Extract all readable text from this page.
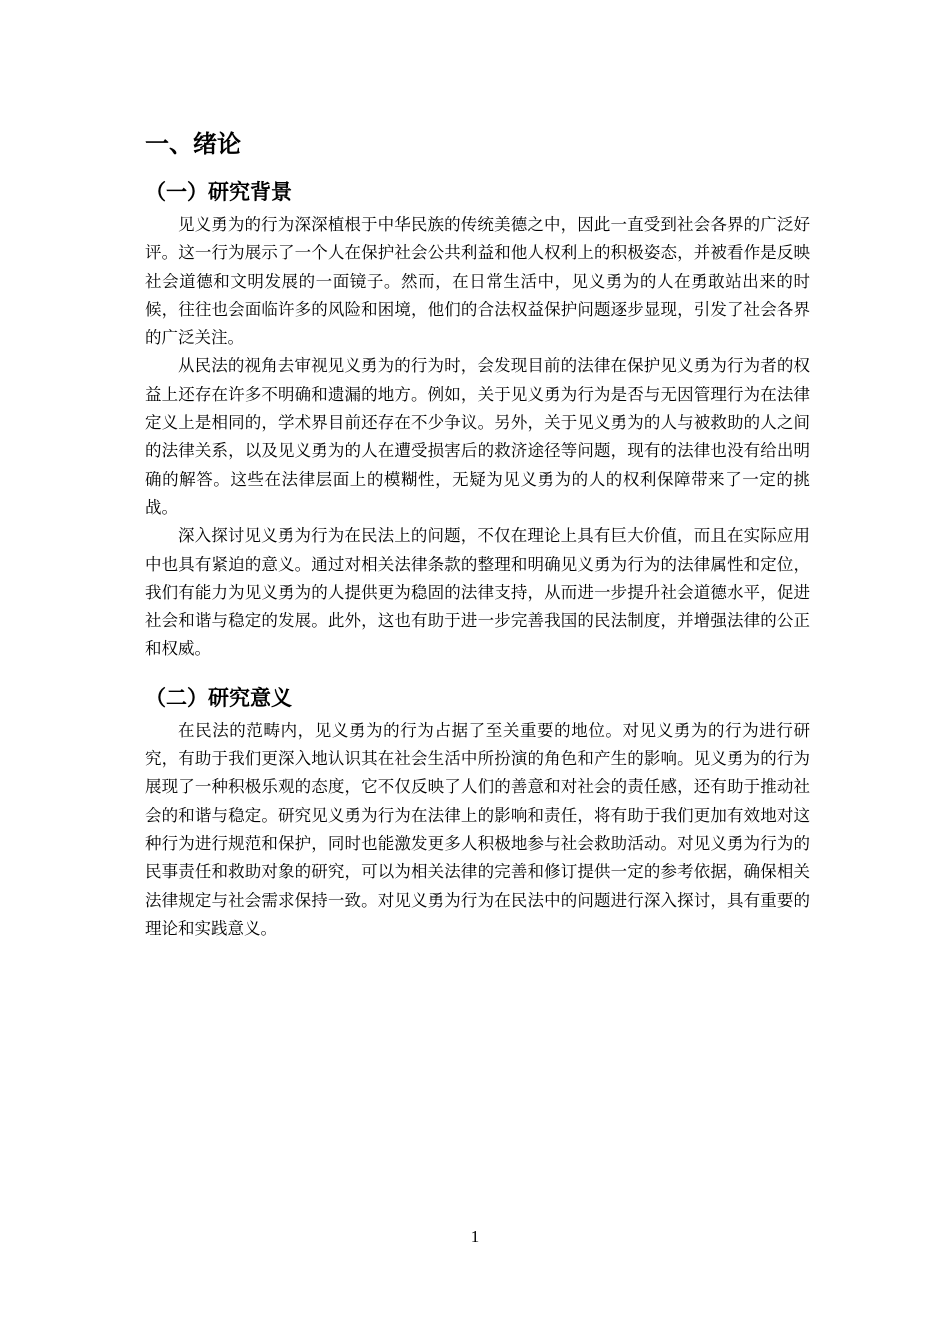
一、绪论
（一）研究背景

见义勇为的行为深深植根于中华民族的传统美德之中，因此一直受到社会各界的广泛好评。这一行为展示了一个人在保护社会公共利益和他人权利上的积极姿态，并被看作是反映社会道德和文明发展的一面镜子。然而，在日常生活中，见义勇为的人在勇敢站出来的时候，往往也会面临许多的风险和困境，他们的合法权益保护问题逐步显现，引发了社会各界的广泛关注。

从民法的视角去审视见义勇为的行为时，会发现目前的法律在保护见义勇为行为者的权益上还存在许多不明确和遗漏的地方。例如，关于见义勇为行为是否与无因管理行为在法律定义上是相同的，学术界目前还存在不少争议。另外，关于见义勇为的人与被救助的人之间的法律关系，以及见义勇为的人在遭受损害后的救济途径等问题，现有的法律也没有给出明确的解答。这些在法律层面上的模糊性，无疑为见义勇为的人的权利保障带来了一定的挑战。

深入探讨见义勇为行为在民法上的问题，不仅在理论上具有巨大价值，而且在实际应用中也具有紧迫的意义。通过对相关法律条款的整理和明确见义勇为行为的法律属性和定位，我们有能力为见义勇为的人提供更为稳固的法律支持，从而进一步提升社会道德水平，促进社会和谐与稳定的发展。此外，这也有助于进一步完善我国的民法制度，并增强法律的公正和权威。

（二）研究意义

在民法的范畴内，见义勇为的行为占据了至关重要的地位。对见义勇为的行为进行研究，有助于我们更深入地认识其在社会生活中所扮演的角色和产生的影响。见义勇为的行为展现了一种积极乐观的态度，它不仅反映了人们的善意和对社会的责任感，还有助于推动社会的和谐与稳定。研究见义勇为行为在法律上的影响和责任，将有助于我们更加有效地对这种行为进行规范和保护，同时也能激发更多人积极地参与社会救助活动。对见义勇为行为的民事责任和救助对象的研究，可以为相关法律的完善和修订提供一定的参考依据，确保相关法律规定与社会需求保持一致。对见义勇为行为在民法中的问题进行深入探讨，具有重要的理论和实践意义。

1
